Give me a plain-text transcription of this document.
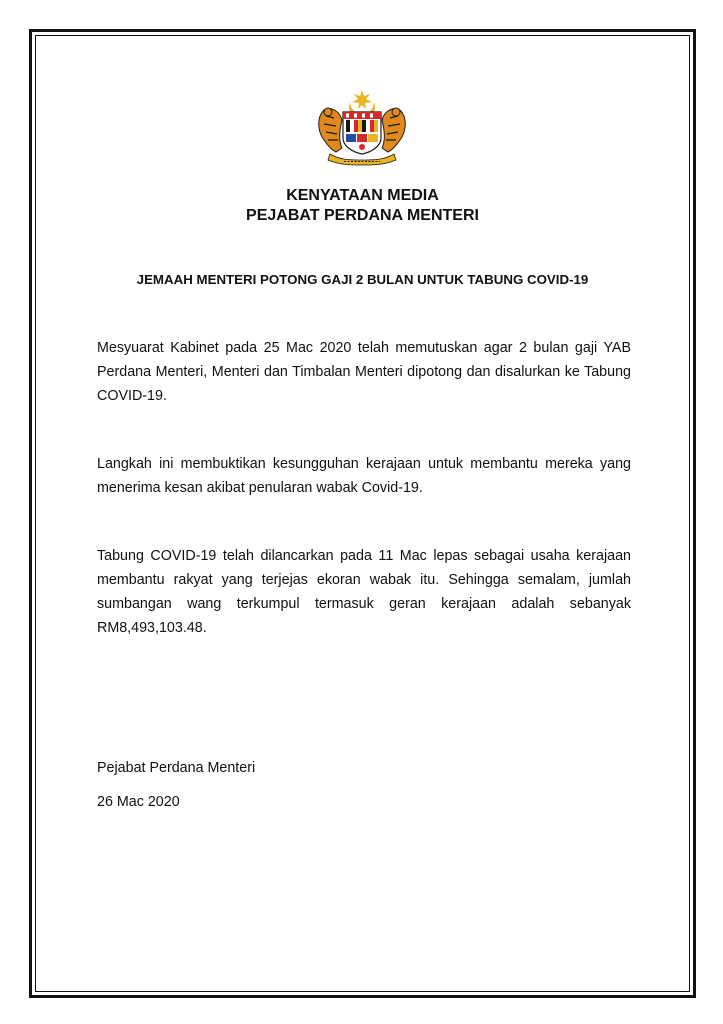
KENYATAAN MEDIA
PEJABAT PERDANA MENTERI
JEMAAH MENTERI POTONG GAJI 2 BULAN UNTUK TABUNG COVID-19

Mesyuarat Kabinet pada 25 Mac 2020 telah memutuskan agar 2 bulan gaji YAB
Perdana Menteri, Menteri dan Timbalan Menteri dipotong dan disalurkan ke Tabung
COVID-19.

Langkah ini membuktikan kesungguhan kerajaan untuk membantu mereka yang
menerima kesan akibat penularan wabak Covid-19.

Tabung COVID-19 telah dilancarkan pada 11 Mac lepas sebagai usaha kerajaan
membantu rakyat yang terjejas ekoran wabak itu. Sehingga semalam, jumlah
sumbangan wang terkumpul termasuk geran kerajaan adalah sebanyak
RM8,493,103.48.

Pejabat Perdana Menteri

26 Mac 2020
